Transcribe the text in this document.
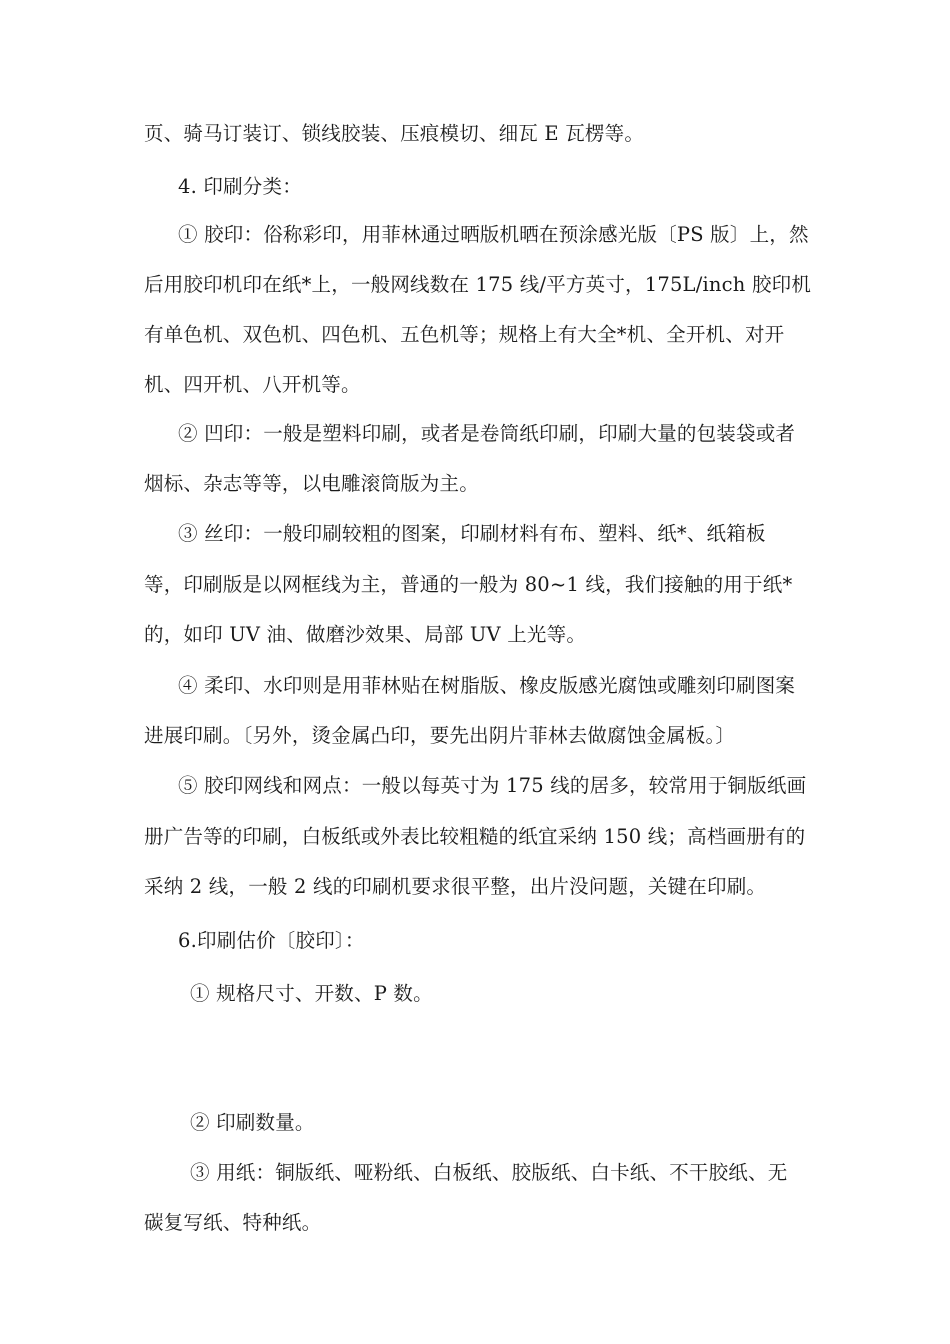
页、骑马订装订、锁线胶装、压痕模切、细瓦 E 瓦楞等。
4. 印刷分类：
① 胶印：俗称彩印，用菲林通过晒版机晒在预涂感光版〔PS 版〕上，然
后用胶印机印在纸*上，一般网线数在 175 线/平方英寸，175L/inch 胶印机
有单色机、双色机、四色机、五色机等；规格上有大全*机、全开机、对开
机、四开机、八开机等。
② 凹印：一般是塑料印刷，或者是卷筒纸印刷，印刷大量的包装袋或者
烟标、杂志等等，以电雕滚筒版为主。
③ 丝印：一般印刷较粗的图案，印刷材料有布、塑料、纸*、纸箱板
等，印刷版是以网框线为主，普通的一般为 80~1 线，我们接触的用于纸*
的，如印 UV 油、做磨沙效果、局部 UV 上光等。
④ 柔印、水印则是用菲林贴在树脂版、橡皮版感光腐蚀或雕刻印刷图案
进展印刷。〔另外，烫金属凸印，要先出阴片菲林去做腐蚀金属板。〕
⑤ 胶印网线和网点：一般以每英寸为 175 线的居多，较常用于铜版纸画
册广告等的印刷，白板纸或外表比较粗糙的纸宜采纳 150 线；高档画册有的
采纳 2 线，一般 2 线的印刷机要求很平整，出片没问题，关键在印刷。
6.印刷估价〔胶印〕：
① 规格尺寸、开数、P 数。
② 印刷数量。
③ 用纸：铜版纸、哑粉纸、白板纸、胶版纸、白卡纸、不干胶纸、无
碳复写纸、特种纸。
